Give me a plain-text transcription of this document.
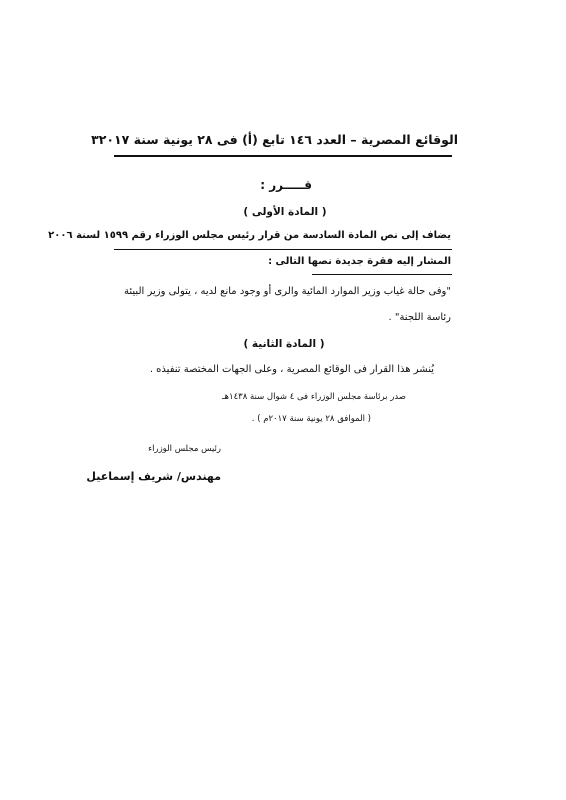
الوقائع المصرية – العدد ١٤٦ تابع (أ) فى ٢٨ يونية سنة ٢٠١٧
٣
قـــــرر :
( المادة الأولى )
يضاف إلى نص المادة السادسة من قرار رئيس مجلس الوزراء رقم ١٥٩٩ لسنة ٢٠٠٦
المشار إليه فقرة جديدة نصها التالى :
"وفى حالة غياب وزير الموارد المائية والرى أو وجود مانع لديه ، يتولى وزير البيئة
رئاسة اللجنة" .
( المادة الثانية )
يُنشر هذا القرار فى الوقائع المصرية ، وعلى الجهات المختصة تنفيذه .
صدر برئاسة مجلس الوزراء فى ٤ شوال سنة ١٤٣٨هـ
( الموافق ٢٨ يونية سنة ٢٠١٧م ) .
رئيس مجلس الوزراء
مهندس/ شريف إسماعيل
